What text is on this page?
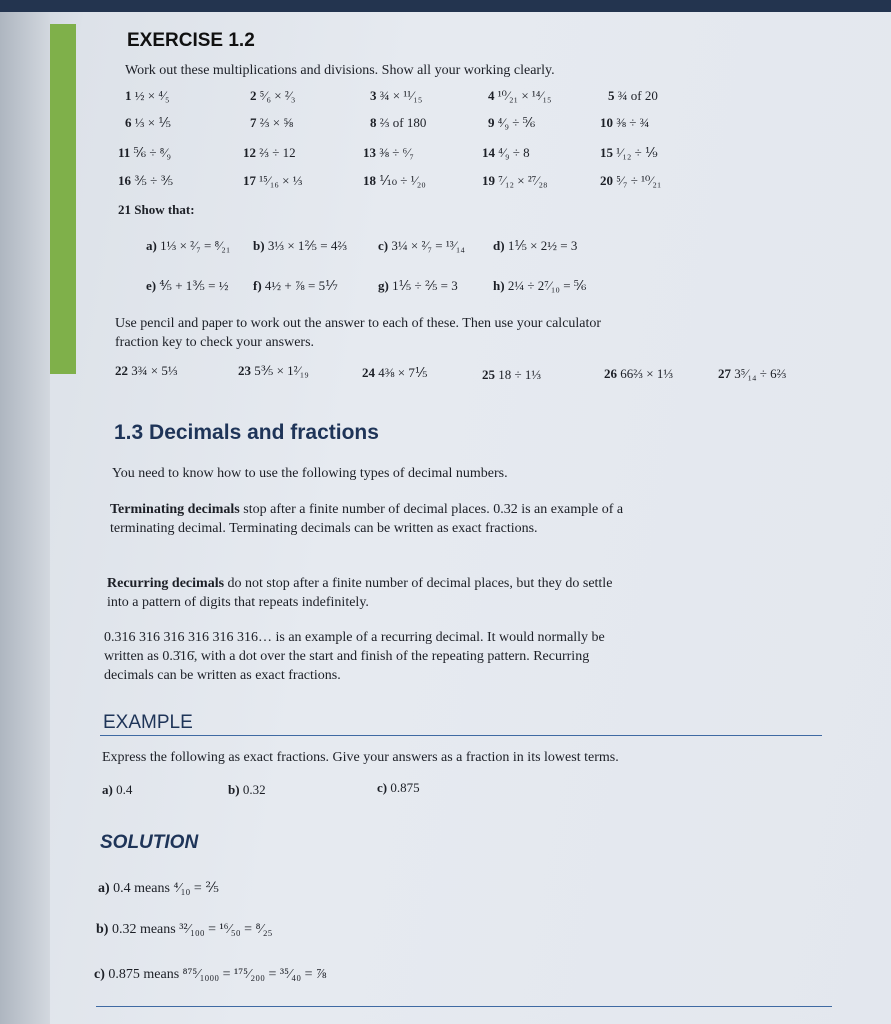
EXERCISE 1.2
Work out these multiplications and divisions. Show all your working clearly.
1 ½ × ⁴⁄₅	2 ⁵⁄₆ × ²⁄₃	3 ¾ × ¹¹⁄₁₅	4 ¹⁰⁄₂₁ × ¹⁴⁄₁₅	5 ¾ of 20
6 ⅓ × ⅕	7 ⅔ × ⅝	8 ⅔ of 180	9 ⁴⁄₉ ÷ ⅚	10 ⅜ ÷ ¾
11 ⅚ ÷ ⁸⁄₉	12 ⅔ ÷ 12	13 ⅜ ÷ ⁶⁄₇	14 ⁴⁄₉ ÷ 8	15 ¹⁄₁₂ ÷ ⅑
16 ⅗ ÷ ⅗	17 ¹⁵⁄₁₆ × ⅓	18 ⅒ ÷ ¹⁄₂₀	19 ⁷⁄₁₂ × ²⁷⁄₂₈	20 ⁵⁄₇ ÷ ¹⁰⁄₂₁
21 Show that:
a) 1⅓ × ²⁄₇ = ⁸⁄₂₁ b) 3⅓ × 1⅖ = 4⅔ c) 3¼ × ²⁄₇ = ¹³⁄₁₄ d) 1⅕ × 2½ = 3
e) ⅘ + 1⅗ = ½ f) 4½ + ⅞ = 5⅐	g) 1⅕ ÷ ⅖ = 3	h) 2¼ ÷ 2⁷⁄₁₀ = ⅚
Use pencil and paper to work out the answer to each of these. Then use your calculator fraction key to check your answers.
22 3¾ × 5⅓	23 5⅗ × 1²⁄₁₉	24 4⅜ × 7⅕	25 18 ÷ 1⅓	26 66⅔ × 1⅓	27 3⁵⁄₁₄ ÷ 6⅔
1.3 Decimals and fractions
You need to know how to use the following types of decimal numbers.
Terminating decimals stop after a finite number of decimal places. 0.32 is an example of a terminating decimal. Terminating decimals can be written as exact fractions.
Recurring decimals do not stop after a finite number of decimal places, but they do settle into a pattern of digits that repeats indefinitely.
0.316 316 316 316 316 316… is an example of a recurring decimal. It would normally be written as 0.3̇16̇, with a dot over the start and finish of the repeating pattern. Recurring decimals can be written as exact fractions.
EXAMPLE
Express the following as exact fractions. Give your answers as a fraction in its lowest terms.
a) 0.4	b) 0.32	c) 0.875
SOLUTION
a) 0.4 means ⁴⁄₁₀ = ⅖
b) 0.32 means ³²⁄₁₀₀ = ¹⁶⁄₅₀ = ⁸⁄₂₅
c) 0.875 means ⁸⁷⁵⁄₁₀₀₀ = ¹⁷⁵⁄₂₀₀ = ³⁵⁄₄₀ = ⅞
